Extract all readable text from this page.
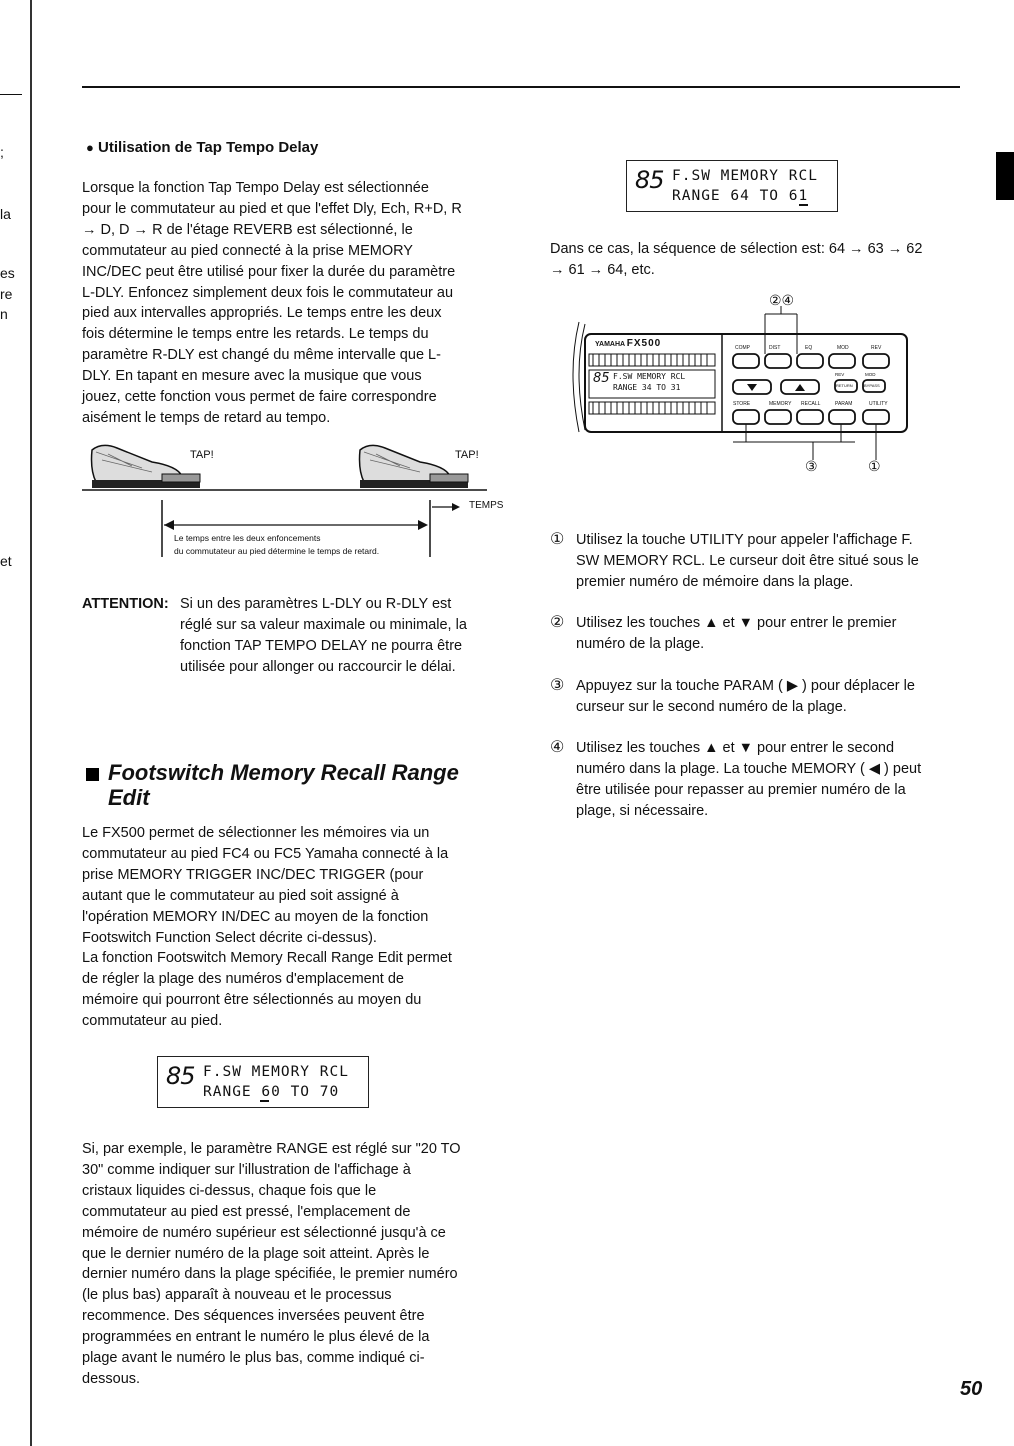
;
la
es
re
n
et
● Utilisation de Tap Tempo Delay
Lorsque la fonction Tap Tempo Delay est sélectionnée
pour le commutateur au pied et que l'effet Dly, Ech, R+D, R
→ D, D → R de l'étage REVERB est sélectionné, le
commutateur au pied connecté à la prise MEMORY
INC/DEC peut être utilisé pour fixer la durée du paramètre
L-DLY. Enfoncez simplement deux fois le commutateur au
pied aux intervalles appropriés. Le temps entre les deux
fois détermine le temps entre les retards. Le temps du
paramètre R-DLY est changé du même intervalle que L-
DLY. En tapant en mesure avec la musique que vous
jouez, cette fonction vous permet de faire correspondre
aisément le temps de retard au tempo.
TAP!	TAP!
TEMPS
Le temps entre les deux enfoncements
du commutateur au pied détermine le temps de retard.
ATTENTION: Si un des paramètres L-DLY ou R-DLY est
réglé sur sa valeur maximale ou minimale, la
fonction TAP TEMPO DELAY ne pourra être
utilisée pour allonger ou raccourcir le délai.
Footswitch Memory Recall Range
Edit
Le FX500 permet de sélectionner les mémoires via un
commutateur au pied FC4 ou FC5 Yamaha connecté à la
prise MEMORY TRIGGER INC/DEC TRIGGER (pour
autant que le commutateur au pied soit assigné à
l'opération MEMORY IN/DEC au moyen de la fonction
Footswitch Function Select décrite ci-dessus).
La fonction Footswitch Memory Recall Range Edit permet
de régler la plage des numéros d'emplacement de
mémoire qui pourront être sélectionnés au moyen du
commutateur au pied.
85 F.SW MEMORY RCL
RANGE 60 TO 70
Si, par exemple, le paramètre RANGE est réglé sur "20 TO
30" comme indiquer sur l'illustration de l'affichage à
cristaux liquides ci-dessus, chaque fois que le
commutateur au pied est pressé, l'emplacement de
mémoire de numéro supérieur est sélectionné jusqu'à ce
que le dernier numéro de la plage soit atteint. Après le
dernier numéro dans la plage spécifiée, le premier numéro
(le plus bas) apparaît à nouveau et le processus
recommence. Des séquences inversées peuvent être
programmées en entrant le numéro le plus élevé de la
plage avant le numéro le plus bas, comme indiqué ci-
dessous.
85 F.SW MEMORY RCL
RANGE 64 TO 61
Dans ce cas, la séquence de sélection est: 64 → 63 → 62
→ 61 → 64, etc.
YAMAHA FX500
85 F.SW MEMORY RCL
RANGE 34 TO 31
COMP	DIST	EQ	MOD	REV
REV	MOD
BYPASS
RETURN
STORE	MEMORY RECALL	PARAM	UTILITY
②④
③	①
① Utilisez la touche UTILITY pour appeler l'affichage F.
SW MEMORY RCL. Le curseur doit être situé sous le
premier numéro de mémoire dans la plage.
② Utilisez les touches ▲ et ▼ pour entrer le premier
numéro de la plage.
③ Appuyez sur la touche PARAM ( ▶ ) pour déplacer le
curseur sur le second numéro de la plage.
④ Utilisez les touches ▲ et ▼ pour entrer le second
numéro dans la plage. La touche MEMORY ( ◀ ) peut
être utilisée pour repasser au premier numéro de la
plage, si nécessaire.
50
